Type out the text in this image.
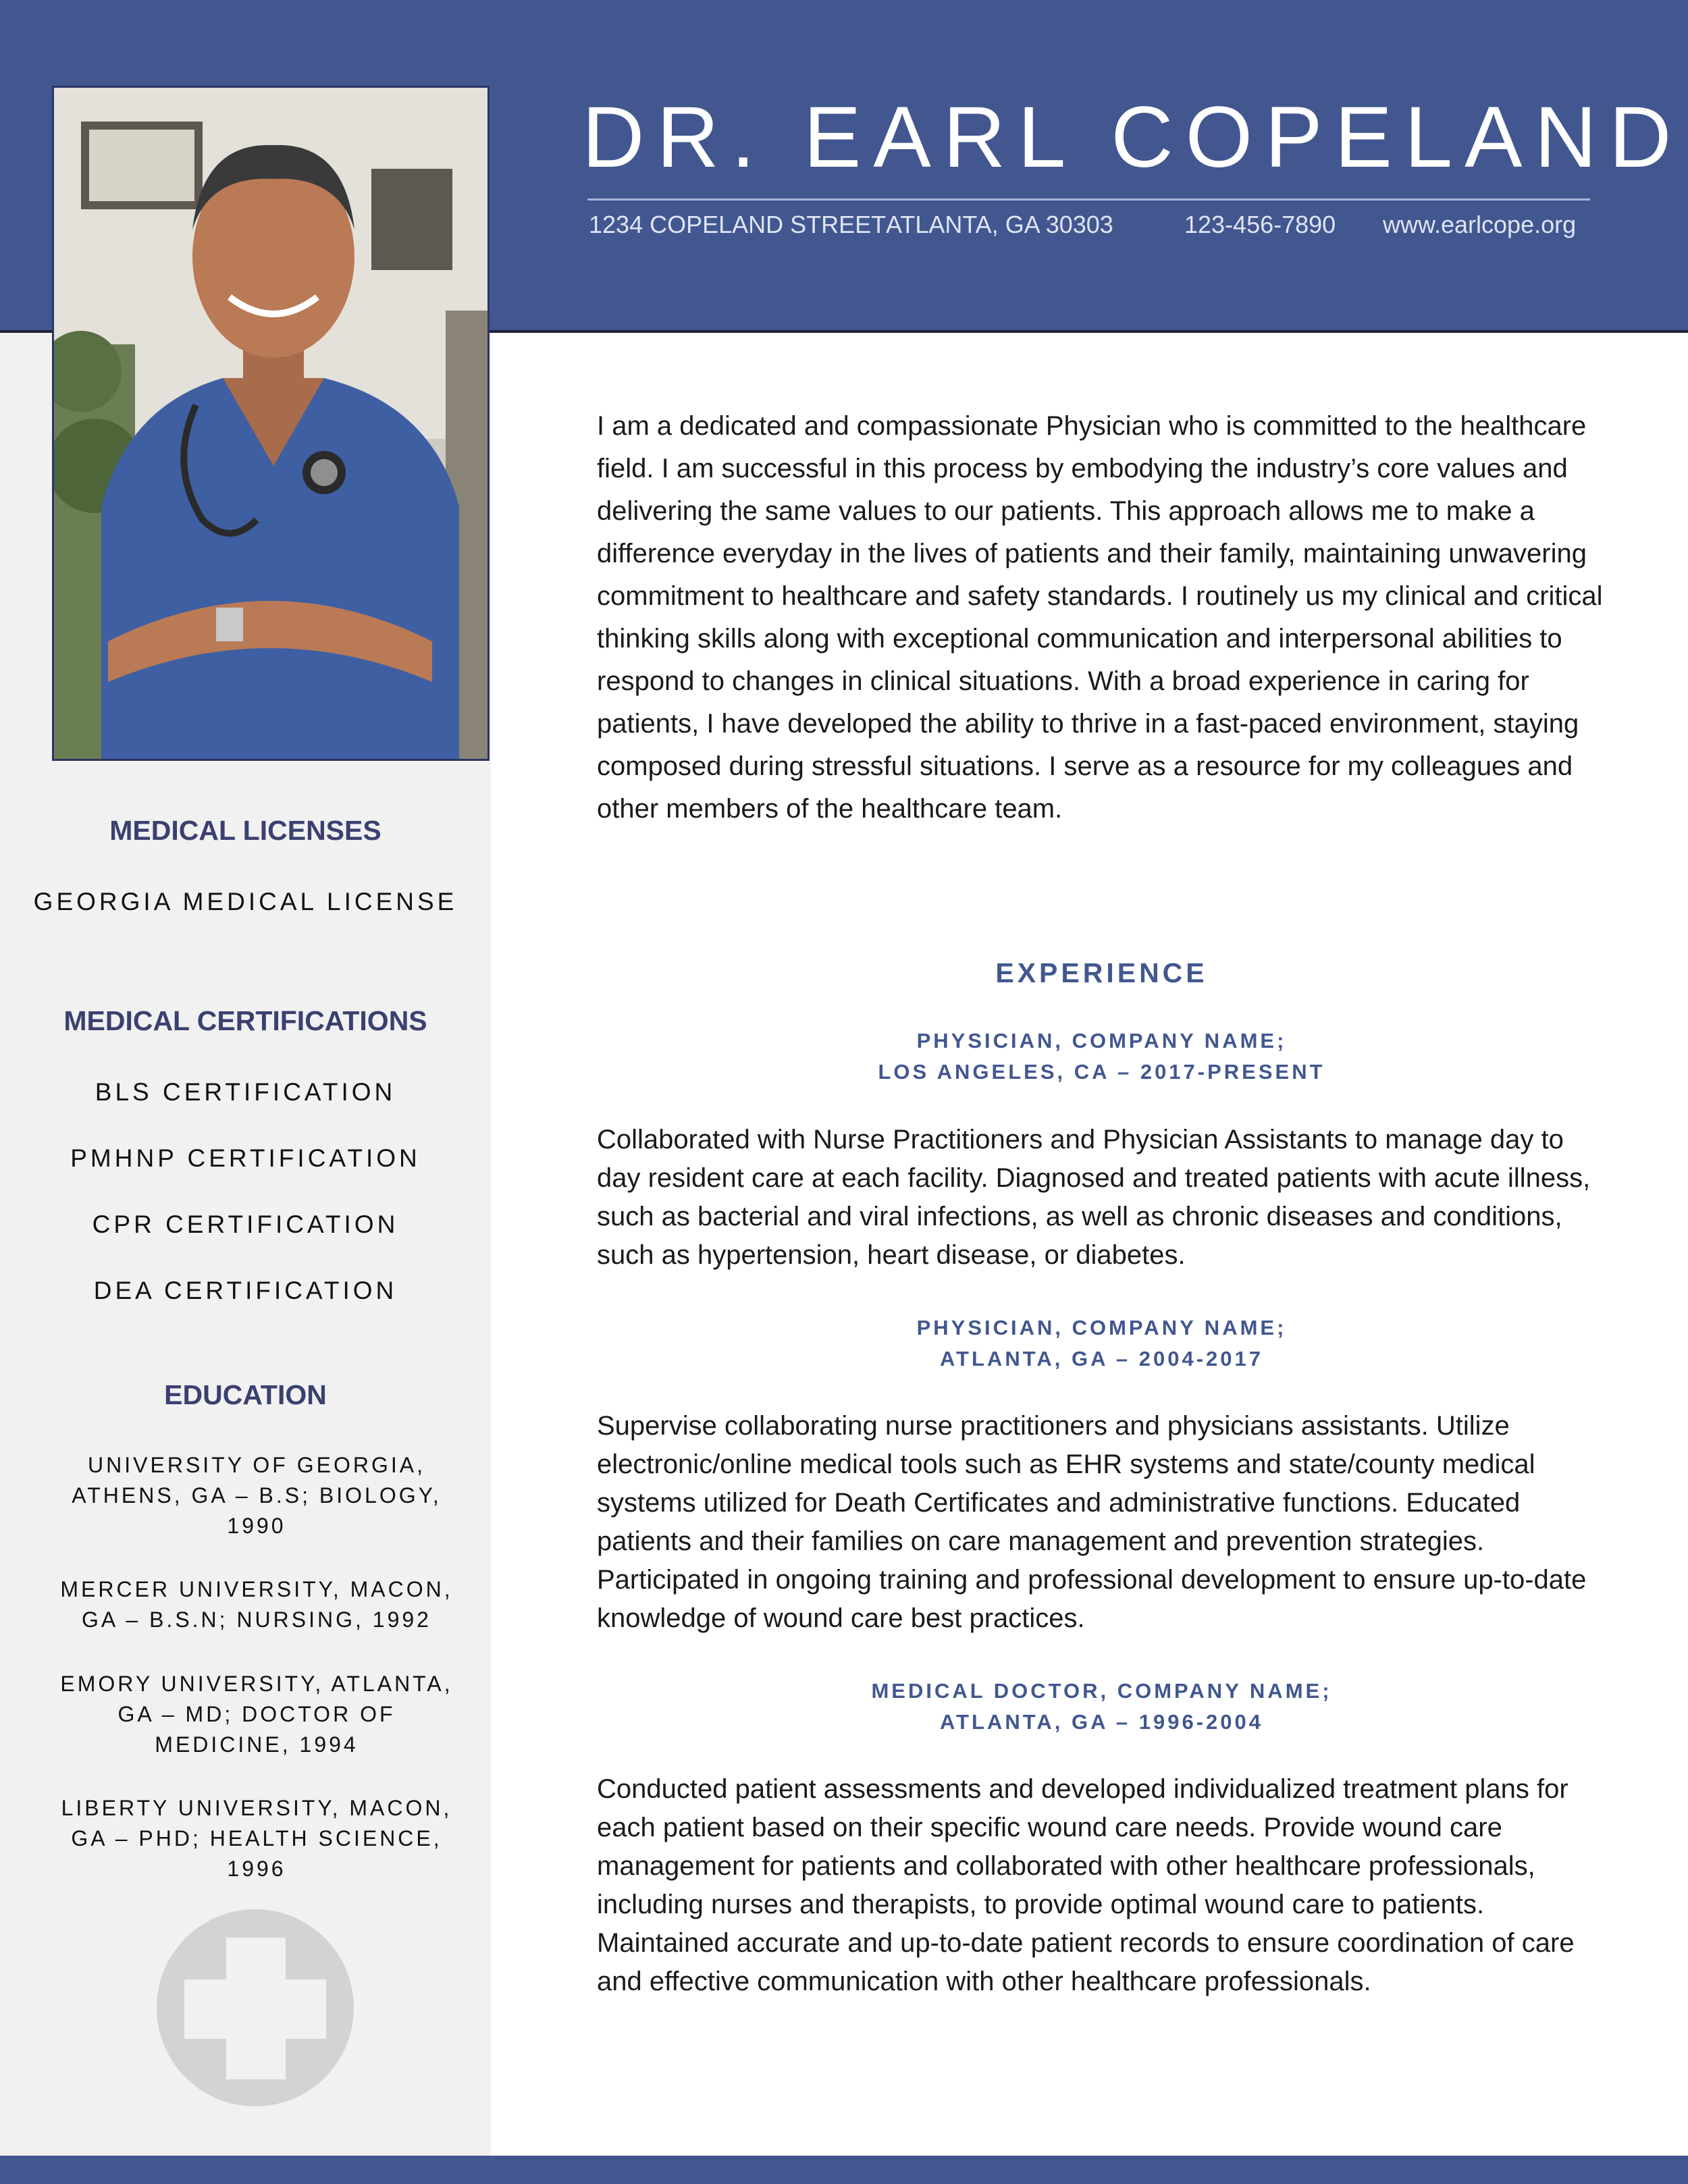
DR. EARL COPELAND
1234 COPELAND STREET ATLANTA, GA 30303	123-456-7890 www.earlcope.org
I am a dedicated and compassionate Physician who is committed to the healthcare field. I am successful in this process by embodying the industry’s core values and delivering the same values to our patients. This approach allows me to make a difference everyday in the lives of patients and their family, maintaining unwavering commitment to healthcare and safety standards. I routinely us my clinical and critical thinking skills along with exceptional communication and interpersonal abilities to respond to changes in clinical situations. With a broad experience in caring for patients, I have developed the ability to thrive in a fast-paced environment, staying composed during stressful situations. I serve as a resource for my colleagues and other members of the healthcare team.
MEDICAL LICENSES
GEORGIA MEDICAL LICENSE
MEDICAL CERTIFICATIONS
BLS CERTIFICATION
PMHNP CERTIFICATION
CPR CERTIFICATION
DEA CERTIFICATION
EDUCATION
UNIVERSITY OF GEORGIA, ATHENS, GA – B.S; BIOLOGY, 1990
MERCER UNIVERSITY, MACON, GA – B.S.N; NURSING, 1992
EMORY UNIVERSITY, ATLANTA, GA – MD; DOCTOR OF MEDICINE, 1994
LIBERTY UNIVERSITY, MACON, GA – PHD; HEALTH SCIENCE, 1996
EXPERIENCE
PHYSICIAN, COMPANY NAME;
LOS ANGELES, CA – 2017-PRESENT
Collaborated with Nurse Practitioners and Physician Assistants to manage day to day resident care at each facility. Diagnosed and treated patients with acute illness, such as bacterial and viral infections, as well as chronic diseases and conditions, such as hypertension, heart disease, or diabetes.
PHYSICIAN, COMPANY NAME;
ATLANTA, GA – 2004-2017
Supervise collaborating nurse practitioners and physicians assistants. Utilize electronic/online medical tools such as EHR systems and state/county medical systems utilized for Death Certificates and administrative functions. Educated patients and their families on care management and prevention strategies. Participated in ongoing training and professional development to ensure up-to-date knowledge of wound care best practices.
MEDICAL DOCTOR, COMPANY NAME;
ATLANTA, GA – 1996-2004
Conducted patient assessments and developed individualized treatment plans for each patient based on their specific wound care needs. Provide wound care management for patients and collaborated with other healthcare professionals, including nurses and therapists, to provide optimal wound care to patients. Maintained accurate and up-to-date patient records to ensure coordination of care and effective communication with other healthcare professionals.
